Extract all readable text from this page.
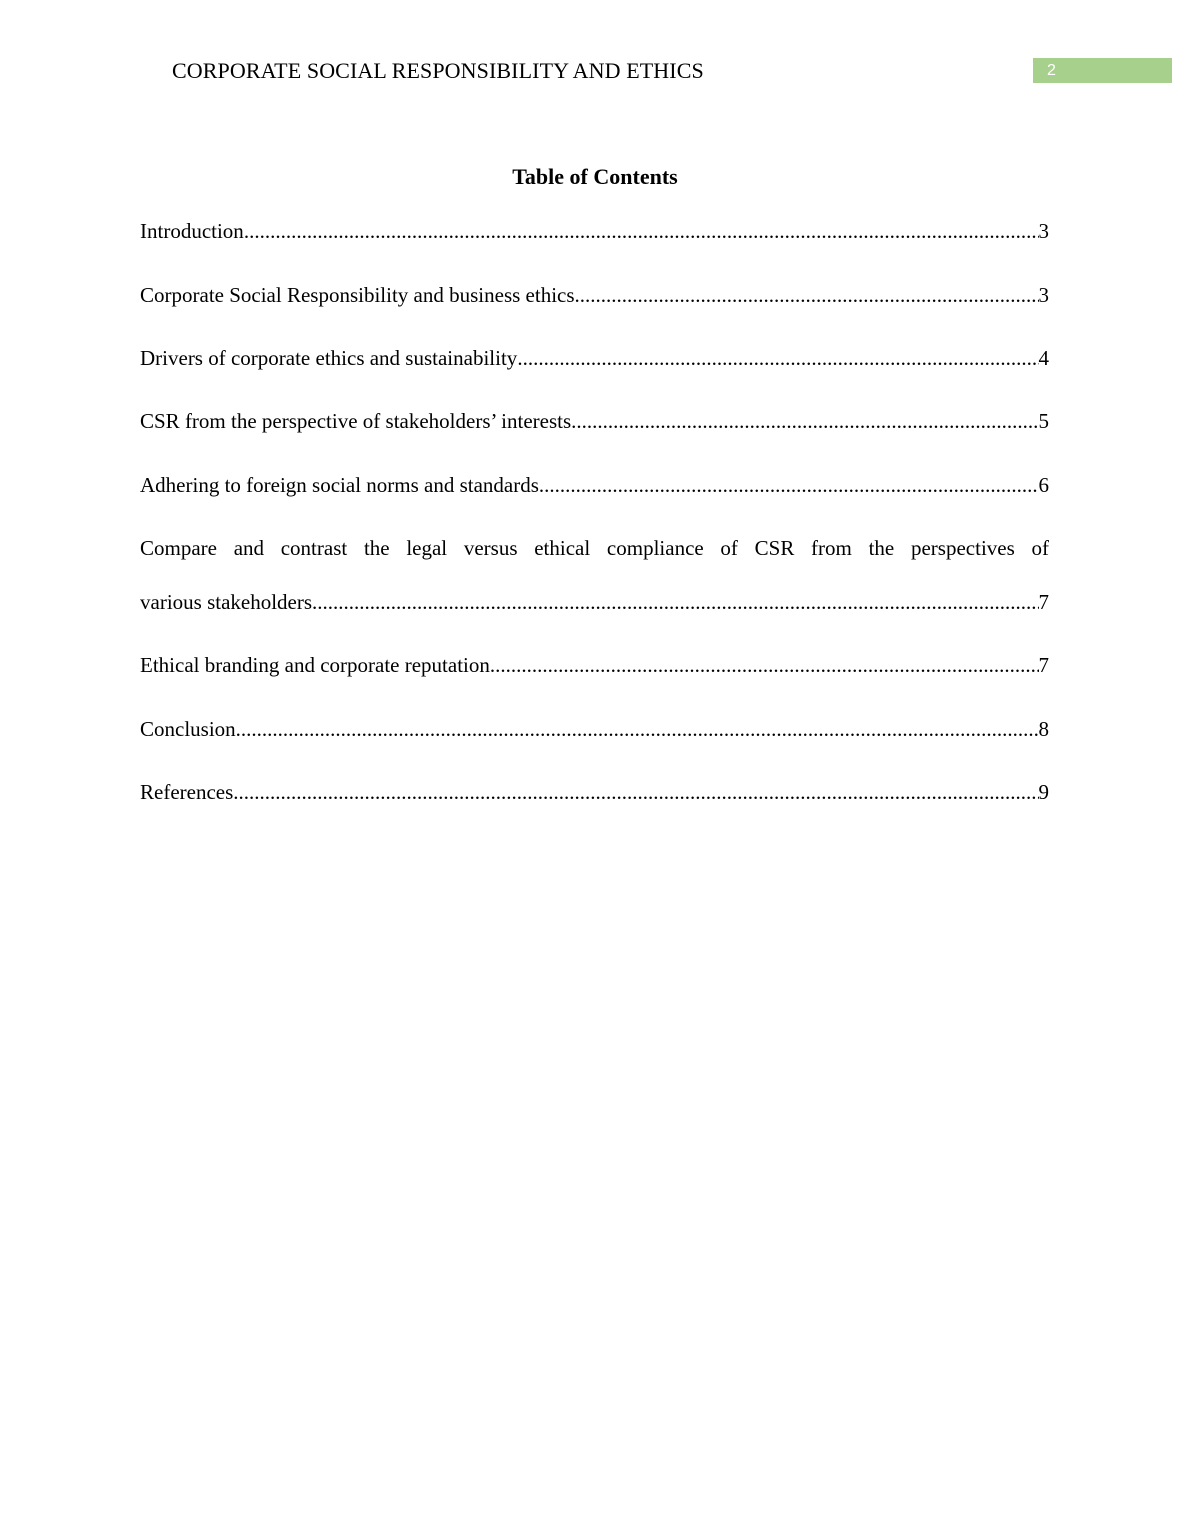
CORPORATE SOCIAL RESPONSIBILITY AND ETHICS	2
Table of Contents
Introduction .....	3
Corporate Social Responsibility and business ethics .....	3
Drivers of corporate ethics and sustainability .....	4
CSR from the perspective of stakeholders’ interests .....	5
Adhering to foreign social norms and standards .....	6
Compare and contrast the legal versus ethical compliance of CSR from the perspectives of
various stakeholders .....	7
Ethical branding and corporate reputation .....	7
Conclusion .....	8
References .....	9
